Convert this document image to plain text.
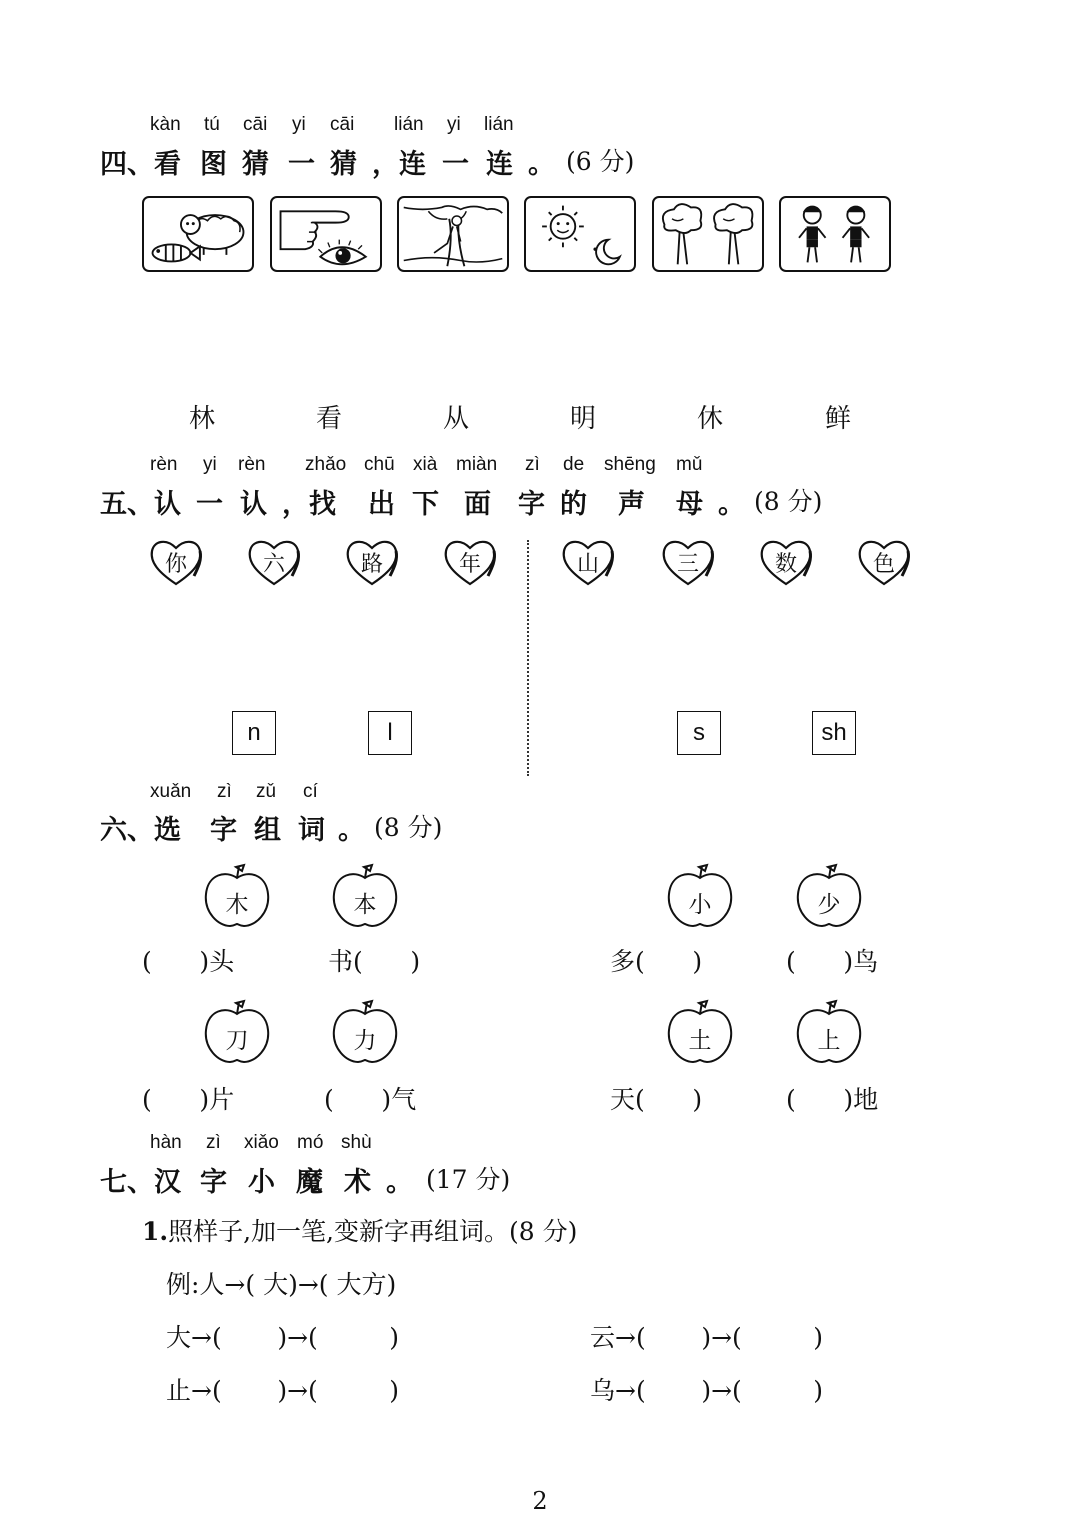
kàn tú cāi yi cāi lián yi lián
四、看 图 猜 一 猜 ，连 一 连 。 (6 分)
林	看	从	明	休	鲜
rèn yi rèn zhǎo chū xià miàn zì de shēng mǔ
五、认 一 认 ，找 出 下 面 字 的 声 母 。 (8 分)
你	六	路	年	山	三	数	色
n	l	s	sh
xuǎn zì zǔ cí
六、选 字 组 词 。 (8 分)
木	本	小	少
(      )头	书(      )	多(      )	(      )鸟
刀	力	土	上
(      )片	(      )气	天(      )	(      )地
hàn zì xiǎo mó shù
七、汉 字 小 魔 术 。 (17 分)
1.照样子,加一笔,变新字再组词。(8 分)
例:人→( 大)→( 大方)
大→(       )→(         )	云→(       )→(         )
止→(       )→(         )	乌→(       )→(         )
2
